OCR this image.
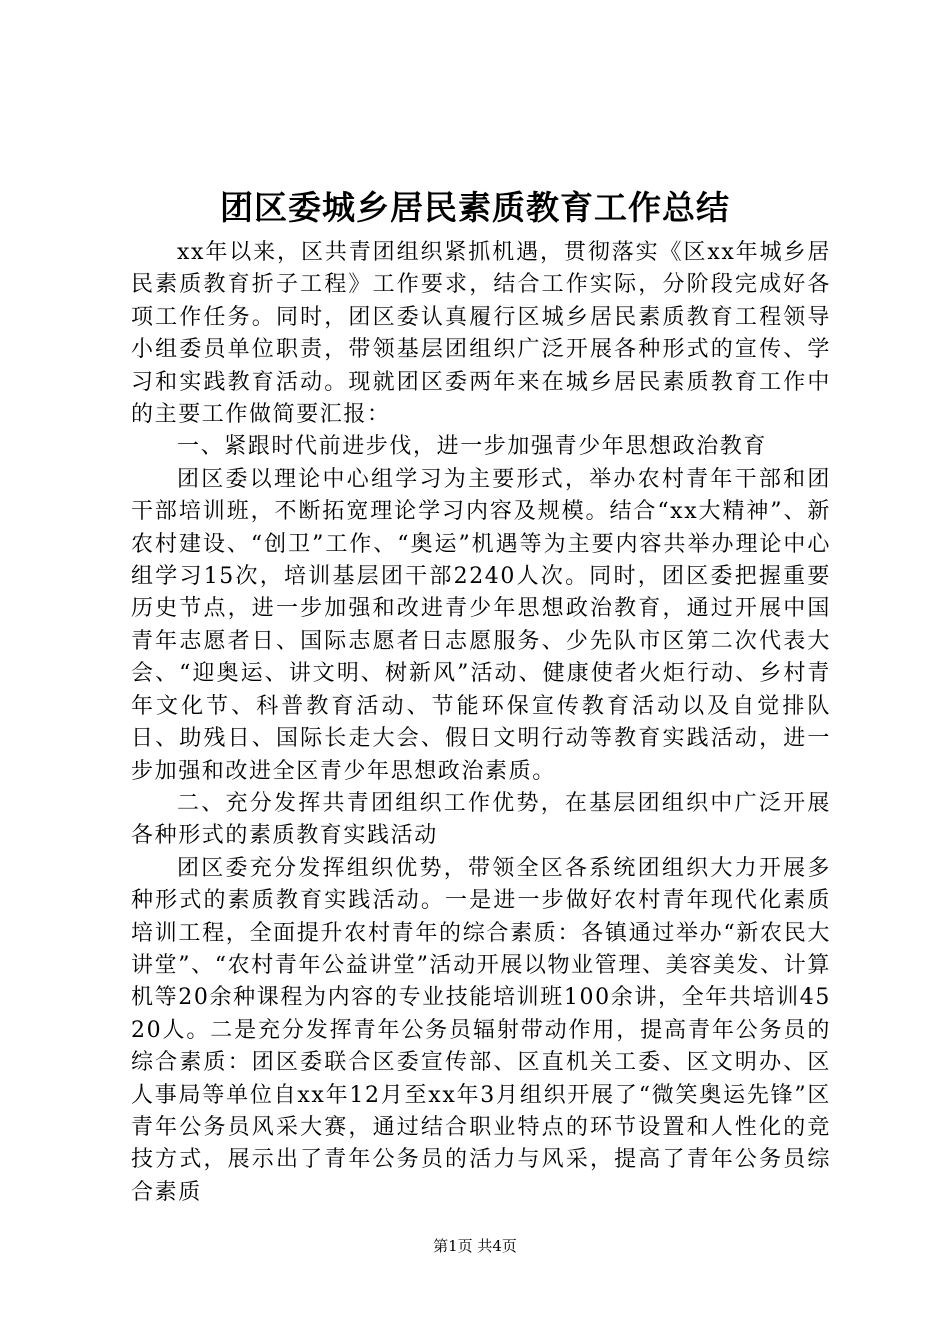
团区委城乡居民素质教育工作总结

xx年以来，区共青团组织紧抓机遇，贯彻落实《区xx年城乡居民素质教育折子工程》工作要求，结合工作实际，分阶段完成好各项工作任务。同时，团区委认真履行区城乡居民素质教育工程领导小组委员单位职责，带领基层团组织广泛开展各种形式的宣传、学习和实践教育活动。现就团区委两年来在城乡居民素质教育工作中的主要工作做简要汇报：

一、紧跟时代前进步伐，进一步加强青少年思想政治教育

团区委以理论中心组学习为主要形式，举办农村青年干部和团干部培训班，不断拓宽理论学习内容及规模。结合“xx大精神”、新农村建设、“创卫”工作、“奥运”机遇等为主要内容共举办理论中心组学习15次，培训基层团干部2240人次。同时，团区委把握重要历史节点，进一步加强和改进青少年思想政治教育，通过开展中国青年志愿者日、国际志愿者日志愿服务、少先队市区第二次代表大会、“迎奥运、讲文明、树新风”活动、健康使者火炬行动、乡村青年文化节、科普教育活动、节能环保宣传教育活动以及自觉排队日、助残日、国际长走大会、假日文明行动等教育实践活动，进一步加强和改进全区青少年思想政治素质。

二、充分发挥共青团组织工作优势，在基层团组织中广泛开展各种形式的素质教育实践活动

团区委充分发挥组织优势，带领全区各系统团组织大力开展多种形式的素质教育实践活动。一是进一步做好农村青年现代化素质培训工程，全面提升农村青年的综合素质：各镇通过举办“新农民大讲堂”、“农村青年公益讲堂”活动开展以物业管理、美容美发、计算机等20余种课程为内容的专业技能培训班100余讲，全年共培训4520人。二是充分发挥青年公务员辐射带动作用，提高青年公务员的综合素质：团区委联合区委宣传部、区直机关工委、区文明办、区人事局等单位自xx年12月至xx年3月组织开展了“微笑奥运先锋”区青年公务员风采大赛，通过结合职业特点的环节设置和人性化的竞技方式，展示出了青年公务员的活力与风采，提高了青年公务员综合素质

第1页 共4页
